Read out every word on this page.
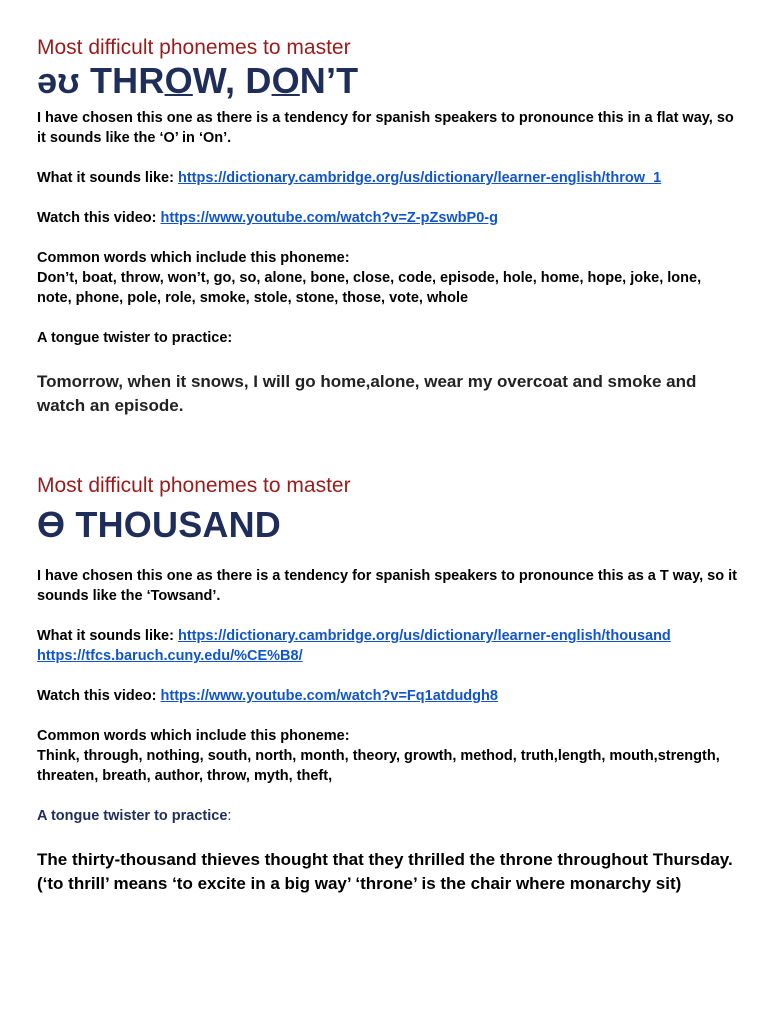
Most difficult phonemes to master
əʊ THROW, DON’T

I have chosen this one as there is a tendency for spanish speakers to pronounce this in a flat way, so it sounds like the ‘O’ in ‘On’.

What it sounds like: https://dictionary.cambridge.org/us/dictionary/learner-english/throw_1

Watch this video: https://www.youtube.com/watch?v=Z-pZswbP0-g

Common words which include this phoneme:

Don’t, boat, throw, won’t, go, so, alone, bone, close, code, episode, hole, home, hope, joke, lone, note, phone, pole, role, smoke, stole, stone, those, vote, whole

A tongue twister to practice:

Tomorrow, when it snows, I will go home,alone, wear my overcoat and smoke and watch an episode.

Most difficult phonemes to master
ϴ THOUSAND

I have chosen this one as there is a tendency for spanish speakers to pronounce this as a T way, so it sounds like the ‘Towsand’.

What it sounds like: https://dictionary.cambridge.org/us/dictionary/learner-english/thousand

https://tfcs.baruch.cuny.edu/%CE%B8/

Watch this video: https://www.youtube.com/watch?v=Fq1atdudgh8

Common words which include this phoneme:

Think, through, nothing, south, north, month, theory, growth, method, truth,length, mouth,strength, threaten, breath, author, throw, myth, theft,

A tongue twister to practice:

The thirty-thousand thieves thought that they thrilled the throne throughout Thursday. (‘to thrill’ means ‘to excite in a big way’ ‘throne’ is the chair where monarchy sit)
